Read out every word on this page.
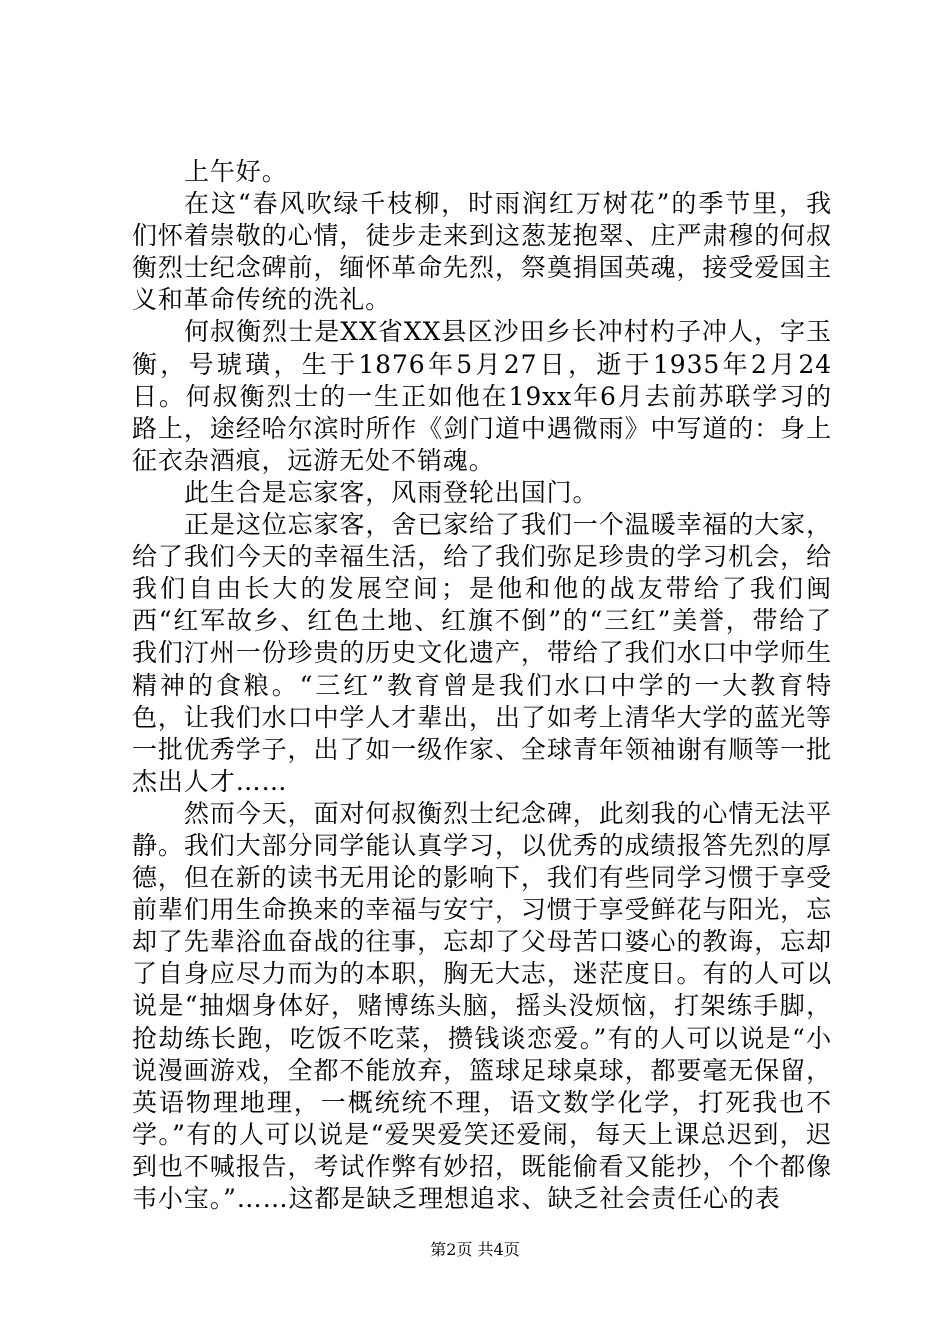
上午好。

在这“春风吹绿千枝柳，时雨润红万树花”的季节里，我们怀着崇敬的心情，徒步走来到这葱茏抱翠、庄严肃穆的何叔衡烈士纪念碑前，缅怀革命先烈，祭奠捐国英魂，接受爱国主义和革命传统的洗礼。

何叔衡烈士是XX省XX县区沙田乡长冲村杓子冲人，字玉衡，号琥璜，生于1876年5月27日，逝于1935年2月24日。何叔衡烈士的一生正如他在19xx年6月去前苏联学习的路上，途经哈尔滨时所作《剑门道中遇微雨》中写道的：身上征衣杂酒痕，远游无处不销魂。

此生合是忘家客，风雨登轮出国门。

正是这位忘家客，舍已家给了我们一个温暖幸福的大家，给了我们今天的幸福生活，给了我们弥足珍贵的学习机会，给我们自由长大的发展空间；是他和他的战友带给了我们闽西“红军故乡、红色土地、红旗不倒”的“三红”美誉，带给了我们汀州一份珍贵的历史文化遗产，带给了我们水口中学师生精神的食粮。“三红”教育曾是我们水口中学的一大教育特色，让我们水口中学人才辈出，出了如考上清华大学的蓝光等一批优秀学子，出了如一级作家、全球青年领袖谢有顺等一批杰出人才……

然而今天，面对何叔衡烈士纪念碑，此刻我的心情无法平静。我们大部分同学能认真学习，以优秀的成绩报答先烈的厚德，但在新的读书无用论的影响下，我们有些同学习惯于享受前辈们用生命换来的幸福与安宁，习惯于享受鲜花与阳光，忘却了先辈浴血奋战的往事，忘却了父母苦口婆心的教诲，忘却了自身应尽力而为的本职，胸无大志，迷茫度日。有的人可以说是“抽烟身体好，赌博练头脑，摇头没烦恼，打架练手脚，抢劫练长跑，吃饭不吃菜，攒钱谈恋爱。”有的人可以说是“小说漫画游戏，全都不能放弃，篮球足球桌球，都要毫无保留，英语物理地理，一概统统不理，语文数学化学，打死我也不学。”有的人可以说是“爱哭爱笑还爱闹，每天上课总迟到，迟到也不喊报告，考试作弊有妙招，既能偷看又能抄，个个都像韦小宝。”……这都是缺乏理想追求、缺乏社会责任心的表

第2页 共4页
